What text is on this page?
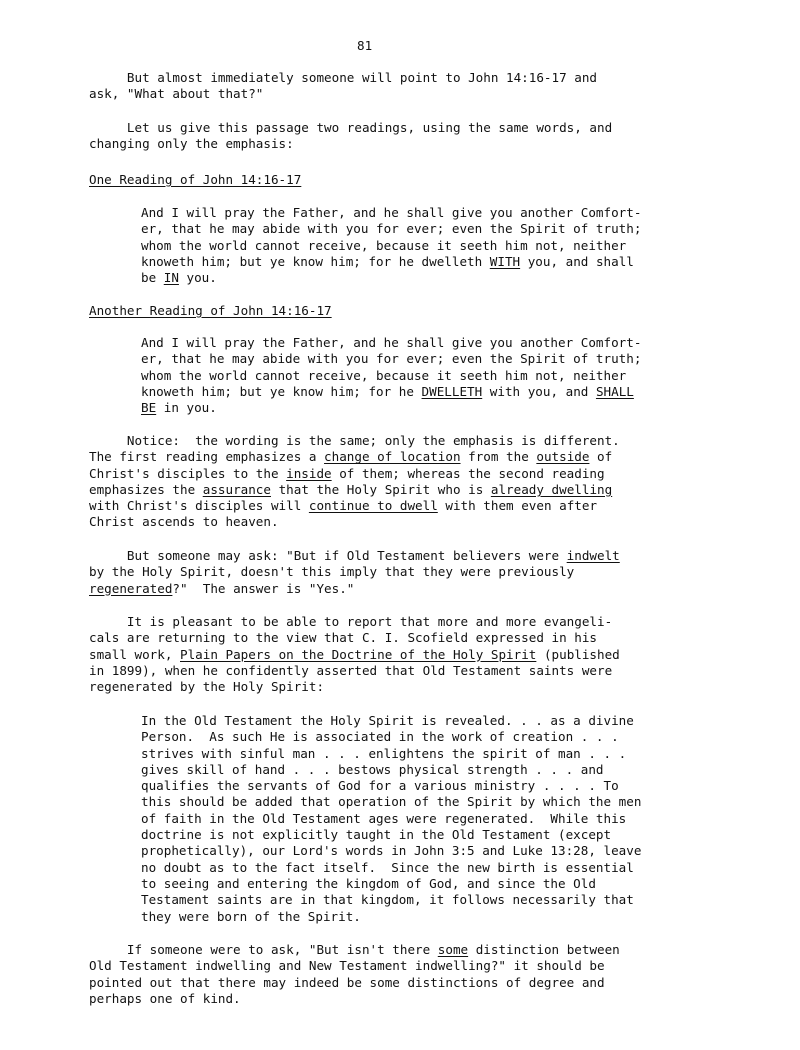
81
But almost immediately someone will point to John 14:16-17 and
ask, "What about that?"
Let us give this passage two readings, using the same words, and
changing only the emphasis:
One Reading of John 14:16-17
And I will pray the Father, and he shall give you another Comfort-
er, that he may abide with you for ever; even the Spirit of truth;
whom the world cannot receive, because it seeth him not, neither
knoweth him; but ye know him; for he dwelleth WITH you, and shall
be IN you.
Another Reading of John 14:16-17
And I will pray the Father, and he shall give you another Comfort-
er, that he may abide with you for ever; even the Spirit of truth;
whom the world cannot receive, because it seeth him not, neither
knoweth him; but ye know him; for he DWELLETH with you, and SHALL
BE in you.
Notice:  the wording is the same; only the emphasis is different.
The first reading emphasizes a change of location from the outside of
Christ's disciples to the inside of them; whereas the second reading
emphasizes the assurance that the Holy Spirit who is already dwelling
with Christ's disciples will continue to dwell with them even after
Christ ascends to heaven.
But someone may ask: "But if Old Testament believers were indwelt
by the Holy Spirit, doesn't this imply that they were previously
regenerated?"  The answer is "Yes."
It is pleasant to be able to report that more and more evangeli-
cals are returning to the view that C. I. Scofield expressed in his
small work, Plain Papers on the Doctrine of the Holy Spirit (published
in 1899), when he confidently asserted that Old Testament saints were
regenerated by the Holy Spirit:
In the Old Testament the Holy Spirit is revealed. . . as a divine
Person.  As such He is associated in the work of creation . . .
strives with sinful man . . . enlightens the spirit of man . . .
gives skill of hand . . . bestows physical strength . . . and
qualifies the servants of God for a various ministry . . . . To
this should be added that operation of the Spirit by which the men
of faith in the Old Testament ages were regenerated.  While this
doctrine is not explicitly taught in the Old Testament (except
prophetically), our Lord's words in John 3:5 and Luke 13:28, leave
no doubt as to the fact itself.  Since the new birth is essential
to seeing and entering the kingdom of God, and since the Old
Testament saints are in that kingdom, it follows necessarily that
they were born of the Spirit.
If someone were to ask, "But isn't there some distinction between
Old Testament indwelling and New Testament indwelling?" it should be
pointed out that there may indeed be some distinctions of degree and
perhaps one of kind.
